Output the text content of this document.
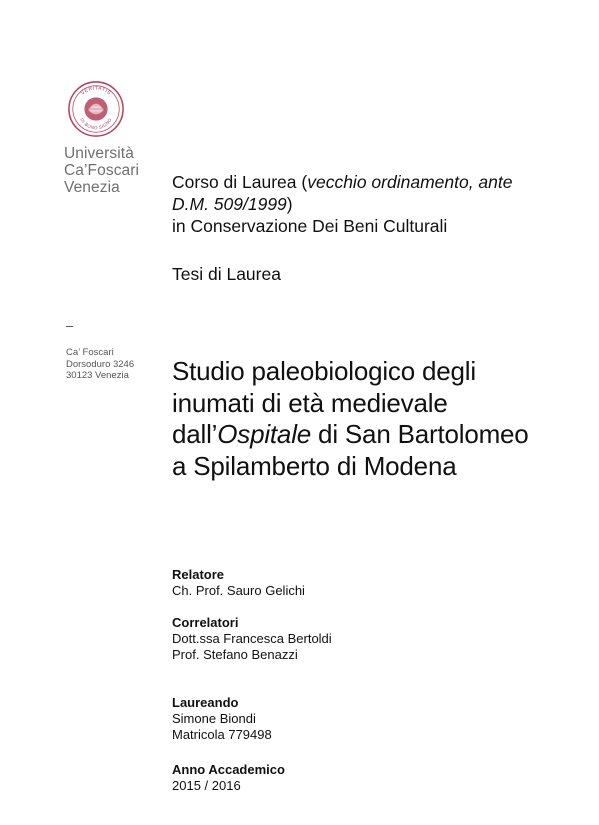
VERITATIS
DI BONO SIGNO
Università
Ca’Foscari
Venezia
–
Ca’ Foscari
Dorsoduro 3246
30123 Venezia
Corso di Laurea (vecchio ordinamento, ante
D.M. 509/1999)
in Conservazione Dei Beni Culturali
Tesi di Laurea
Studio paleobiologico degli
inumati di età medievale
dall’Ospitale di San Bartolomeo
a Spilamberto di Modena
Relatore
Ch. Prof. Sauro Gelichi
Correlatori
Dott.ssa Francesca Bertoldi
Prof. Stefano Benazzi
Laureando
Simone Biondi
Matricola 779498
Anno Accademico
2015 / 2016
